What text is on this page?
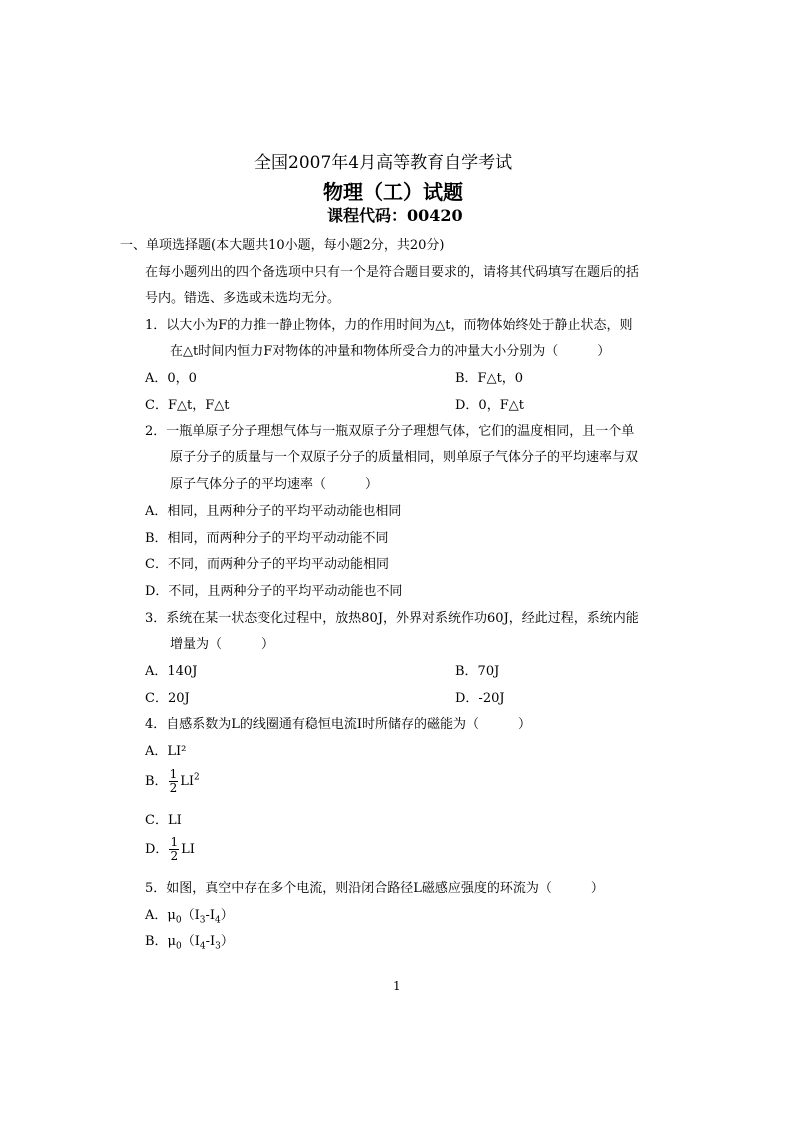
全国2007年4月高等教育自学考试
物理（工）试题
课程代码：00420
一、单项选择题(本大题共10小题，每小题2分，共20分)
在每小题列出的四个备选项中只有一个是符合题目要求的，请将其代码填写在题后的括
号内。错选、多选或未选均无分。
1．以大小为F的力推一静止物体，力的作用时间为△t，而物体始终处于静止状态，则
在△t时间内恒力F对物体的冲量和物体所受合力的冲量大小分别为（　　　）
A．0，0	B．F△t，0
C．F△t，F△t	D．0，F△t
2．一瓶单原子分子理想气体与一瓶双原子分子理想气体，它们的温度相同，且一个单
原子分子的质量与一个双原子分子的质量相同，则单原子气体分子的平均速率与双
原子气体分子的平均速率（　　　）
A．相同，且两种分子的平均平动动能也相同
B．相同，而两种分子的平均平动动能不同
C．不同，而两种分子的平均平动动能相同
D．不同，且两种分子的平均平动动能也不同
3．系统在某一状态变化过程中，放热80J，外界对系统作功60J，经此过程，系统内能
增量为（　　　）
A．140J	B．70J
C．20J	D．-20J
4．自感系数为L的线圈通有稳恒电流I时所储存的磁能为（　　　）
A．LI²
B． $\frac{1}{2} LI^2$
C．LI
D． $\frac{1}{2}$ LI
5．如图，真空中存在多个电流，则沿闭合路径L磁感应强度的环流为（　　　）
A．$\mu_0(I_3-I_4)$
B．$\mu_0(I_4-I_3)$
1
